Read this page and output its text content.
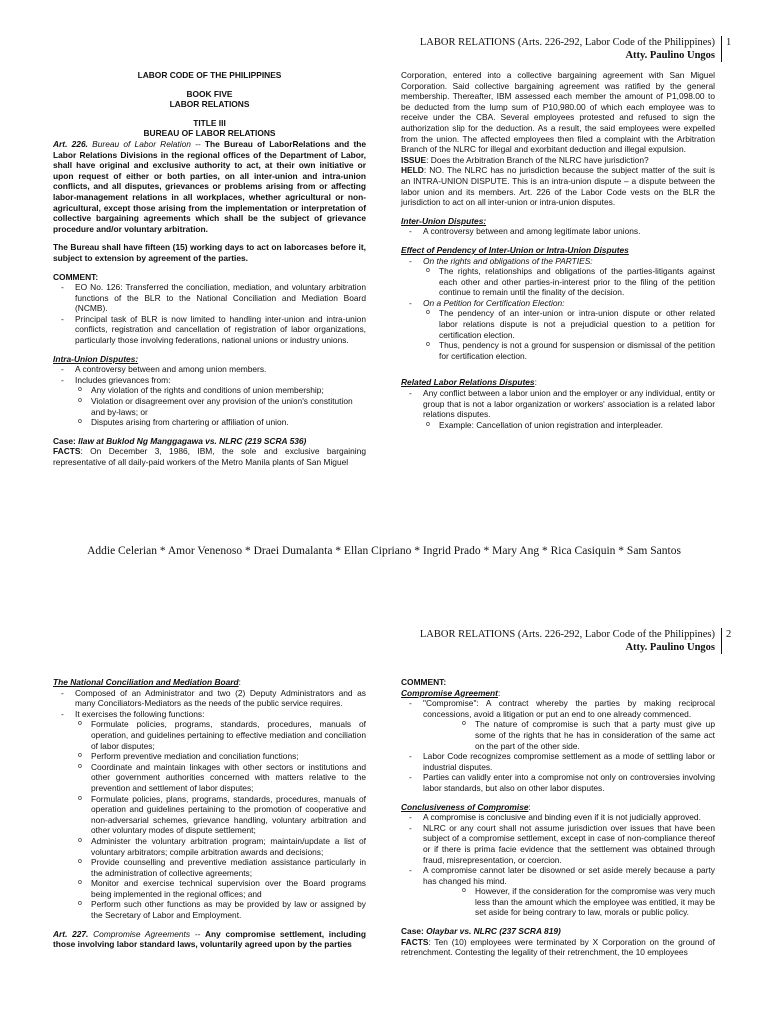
LABOR RELATIONS (Arts. 226-292, Labor Code of the Philippines)
Atty. Paulino Ungos
1

LABOR CODE OF THE PHILIPPINES

BOOK FIVE

LABOR RELATIONS

TITLE III

BUREAU OF LABOR RELATIONS

Art. 226. Bureau of Labor Relation -- The Bureau of LaborRelations and the Labor Relations Divisions in the regional offices of the Department of Labor, shall have original and exclusive authority to act, at their own initiative or upon request of either or both parties, on all inter-union and intra-union conflicts, and all disputes, grievances or problems arising from or affecting labor-management relations in all workplaces, whether agricultural or non-agricultural, except those arising from the implementation or interpretation of collective bargaining agreements which shall be the subject of grievance procedure and/or voluntary arbitration.

The Bureau shall have fifteen (15) working days to act on laborcases before it, subject to extension by agreement of the parties.

COMMENT:

- EO No. 126: Transferred the conciliation, mediation, and voluntary arbitration functions of the BLR to the National Conciliation and Mediation Board (NCMB).
- Principal task of BLR is now limited to handling inter-union and intra-union conflicts, registration and cancellation of registration of labor organizations, particularly those involving federations, national unions or industry unions.

Intra-Union Disputes:

- A controversy between and among union members.
- Includes grievances from:
o Any violation of the rights and conditions of union membership;
o Violation or disagreement over any provision of the union's constitution and by-laws; or
o Disputes arising from chartering or affiliation of union.

Case: Ilaw at Buklod Ng Manggagawa vs. NLRC (219 SCRA 536)

FACTS: On December 3, 1986, IBM, the sole and exclusive bargaining representative of all daily-paid workers of the Metro Manila plants of San Miguel

Corporation, entered into a collective bargaining agreement with San Miguel Corporation. Said collective bargaining agreement was ratified by the general membership. Thereafter, IBM assessed each member the amount of P1,098.00 to be deducted from the lump sum of P10,980.00 of which each employee was to receive under the CBA. Several employees protested and refused to sign the authorization slip for the deduction. As a result, the said employees were expelled from the union. The affected employees then filed a complaint with the Arbitration Branch of the NLRC for illegal and exorbitant deduction and illegal expulsion.

ISSUE: Does the Arbitration Branch of the NLRC have jurisdiction?

HELD: NO. The NLRC has no jurisdiction because the subject matter of the suit is an INTRA-UNION DISPUTE. This is an intra-union dispute – a dispute between the labor union and its members. Art. 226 of the Labor Code vests on the BLR the jurisdiction to act on all inter-union or intra-union disputes.

Inter-Union Disputes:

- A controversy between and among legitimate labor unions.

Effect of Pendency of Inter-Union or Intra-Union Disputes

- On the rights and obligations of the PARTIES:
o The rights, relationships and obligations of the parties-litigants against each other and other parties-in-interest prior to the filing of the petition continue to remain until the finality of the decision.
- On a Petition for Certification Election:
o The pendency of an inter-union or intra-union dispute or other related labor relations dispute is not a prejudicial question to a petition for certification election.
o Thus, pendency is not a ground for suspension or dismissal of the petition for certification election.

Related Labor Relations Disputes:

- Any conflict between a labor union and the employer or any individual, entity or group that is not a labor organization or workers' association is a related labor relations disputes.
o Example: Cancellation of union registration and interpleader.
Addie Celerian * Amor Venenoso * Draei Dumalanta * Ellan Cipriano * Ingrid Prado * Mary Ang * Rica Casiquin * Sam Santos
LABOR RELATIONS (Arts. 226-292, Labor Code of the Philippines)
Atty. Paulino Ungos
2

The National Conciliation and Mediation Board:

- Composed of an Administrator and two (2) Deputy Administrators and as many Conciliators-Mediators as the needs of the public service requires.
- It exercises the following functions:
o Formulate policies, programs, standards, procedures, manuals of operation, and guidelines pertaining to effective mediation and conciliation of labor disputes;
o Perform preventive mediation and conciliation functions;
o Coordinate and maintain linkages with other sectors or institutions and other government authorities concerned with matters relative to the prevention and settlement of labor disputes;
o Formulate policies, plans, programs, standards, procedures, manuals of operation and guidelines pertaining to the promotion of cooperative and non-adversarial schemes, grievance handling, voluntary arbitration and other voluntary modes of dispute settlement;
o Administer the voluntary arbitration program; maintain/update a list of voluntary arbitrators; compile arbitration awards and decisions;
o Provide counselling and preventive mediation assistance particularly in the administration of collective agreements;
o Monitor and exercise technical supervision over the Board programs being implemented in the regional offices; and
o Perform such other functions as may be provided by law or assigned by the Secretary of Labor and Employment.

Art. 227. Compromise Agreements -- Any compromise settlement, including those involving labor standard laws, voluntarily agreed upon by the parties

COMMENT:

Compromise Agreement:

- "Compromise": A contract whereby the parties by making reciprocal concessions, avoid a litigation or put an end to one already commenced.
o The nature of compromise is such that a party must give up some of the rights that he has in consideration of the same act on the part of the other side.
- Labor Code recognizes compromise settlement as a mode of settling labor or industrial disputes.
- Parties can validly enter into a compromise not only on controversies involving labor standards, but also on other labor disputes.

Conclusiveness of Compromise:

- A compromise is conclusive and binding even if it is not judicially approved.
- NLRC or any court shall not assume jurisdiction over issues that have been subject of a compromise settlement, except in case of non-compliance thereof or if there is prima facie evidence that the settlement was obtained through fraud, misrepresentation, or coercion.
- A compromise cannot later be disowned or set aside merely because a party has changed his mind.
o However, if the consideration for the compromise was very much less than the amount which the employee was entitled, it may be set aside for being contrary to law, morals or public policy.

Case: Olaybar vs. NLRC (237 SCRA 819)

FACTS: Ten (10) employees were terminated by X Corporation on the ground of retrenchment. Contesting the legality of their retrenchment, the 10 employees
